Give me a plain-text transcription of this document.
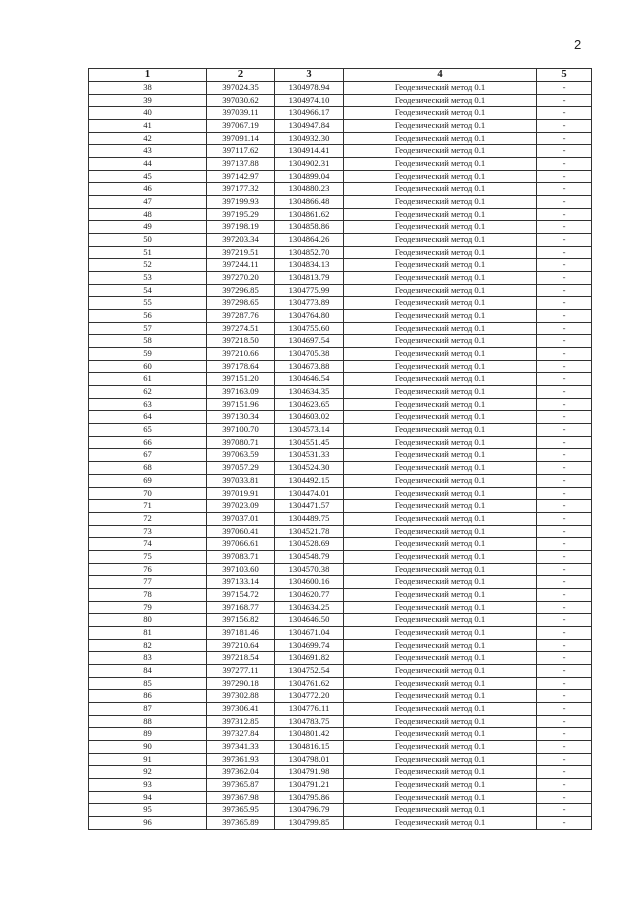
2
1	2	3	4	5
38	397024.35	1304978.94	Геодезический метод 0.1	-
39	397030.62	1304974.10	Геодезический метод 0.1	-
40	397039.11	1304966.17	Геодезический метод 0.1	-
41	397067.19	1304947.84	Геодезический метод 0.1	-
42	397091.14	1304932.30	Геодезический метод 0.1	-
43	397117.62	1304914.41	Геодезический метод 0.1	-
44	397137.88	1304902.31	Геодезический метод 0.1	-
45	397142.97	1304899.04	Геодезический метод 0.1	-
46	397177.32	1304880.23	Геодезический метод 0.1	-
47	397199.93	1304866.48	Геодезический метод 0.1	-
48	397195.29	1304861.62	Геодезический метод 0.1	-
49	397198.19	1304858.86	Геодезический метод 0.1	-
50	397203.34	1304864.26	Геодезический метод 0.1	-
51	397219.51	1304852.70	Геодезический метод 0.1	-
52	397244.11	1304834.13	Геодезический метод 0.1	-
53	397270.20	1304813.79	Геодезический метод 0.1	-
54	397296.85	1304775.99	Геодезический метод 0.1	-
55	397298.65	1304773.89	Геодезический метод 0.1	-
56	397287.76	1304764.80	Геодезический метод 0.1	-
57	397274.51	1304755.60	Геодезический метод 0.1	-
58	397218.50	1304697.54	Геодезический метод 0.1	-
59	397210.66	1304705.38	Геодезический метод 0.1	-
60	397178.64	1304673.88	Геодезический метод 0.1	-
61	397151.20	1304646.54	Геодезический метод 0.1	-
62	397163.09	1304634.35	Геодезический метод 0.1	-
63	397151.96	1304623.65	Геодезический метод 0.1	-
64	397130.34	1304603.02	Геодезический метод 0.1	-
65	397100.70	1304573.14	Геодезический метод 0.1	-
66	397080.71	1304551.45	Геодезический метод 0.1	-
67	397063.59	1304531.33	Геодезический метод 0.1	-
68	397057.29	1304524.30	Геодезический метод 0.1	-
69	397033.81	1304492.15	Геодезический метод 0.1	-
70	397019.91	1304474.01	Геодезический метод 0.1	-
71	397023.09	1304471.57	Геодезический метод 0.1	-
72	397037.01	1304489.75	Геодезический метод 0.1	-
73	397060.41	1304521.78	Геодезический метод 0.1	-
74	397066.61	1304528.69	Геодезический метод 0.1	-
75	397083.71	1304548.79	Геодезический метод 0.1	-
76	397103.60	1304570.38	Геодезический метод 0.1	-
77	397133.14	1304600.16	Геодезический метод 0.1	-
78	397154.72	1304620.77	Геодезический метод 0.1	-
79	397168.77	1304634.25	Геодезический метод 0.1	-
80	397156.82	1304646.50	Геодезический метод 0.1	-
81	397181.46	1304671.04	Геодезический метод 0.1	-
82	397210.64	1304699.74	Геодезический метод 0.1	-
83	397218.54	1304691.82	Геодезический метод 0.1	-
84	397277.11	1304752.54	Геодезический метод 0.1	-
85	397290.18	1304761.62	Геодезический метод 0.1	-
86	397302.88	1304772.20	Геодезический метод 0.1	-
87	397306.41	1304776.11	Геодезический метод 0.1	-
88	397312.85	1304783.75	Геодезический метод 0.1	-
89	397327.84	1304801.42	Геодезический метод 0.1	-
90	397341.33	1304816.15	Геодезический метод 0.1	-
91	397361.93	1304798.01	Геодезический метод 0.1	-
92	397362.04	1304791.98	Геодезический метод 0.1	-
93	397365.87	1304791.21	Геодезический метод 0.1	-
94	397367.98	1304795.86	Геодезический метод 0.1	-
95	397365.95	1304796.79	Геодезический метод 0.1	-
96	397365.89	1304799.85	Геодезический метод 0.1	-
